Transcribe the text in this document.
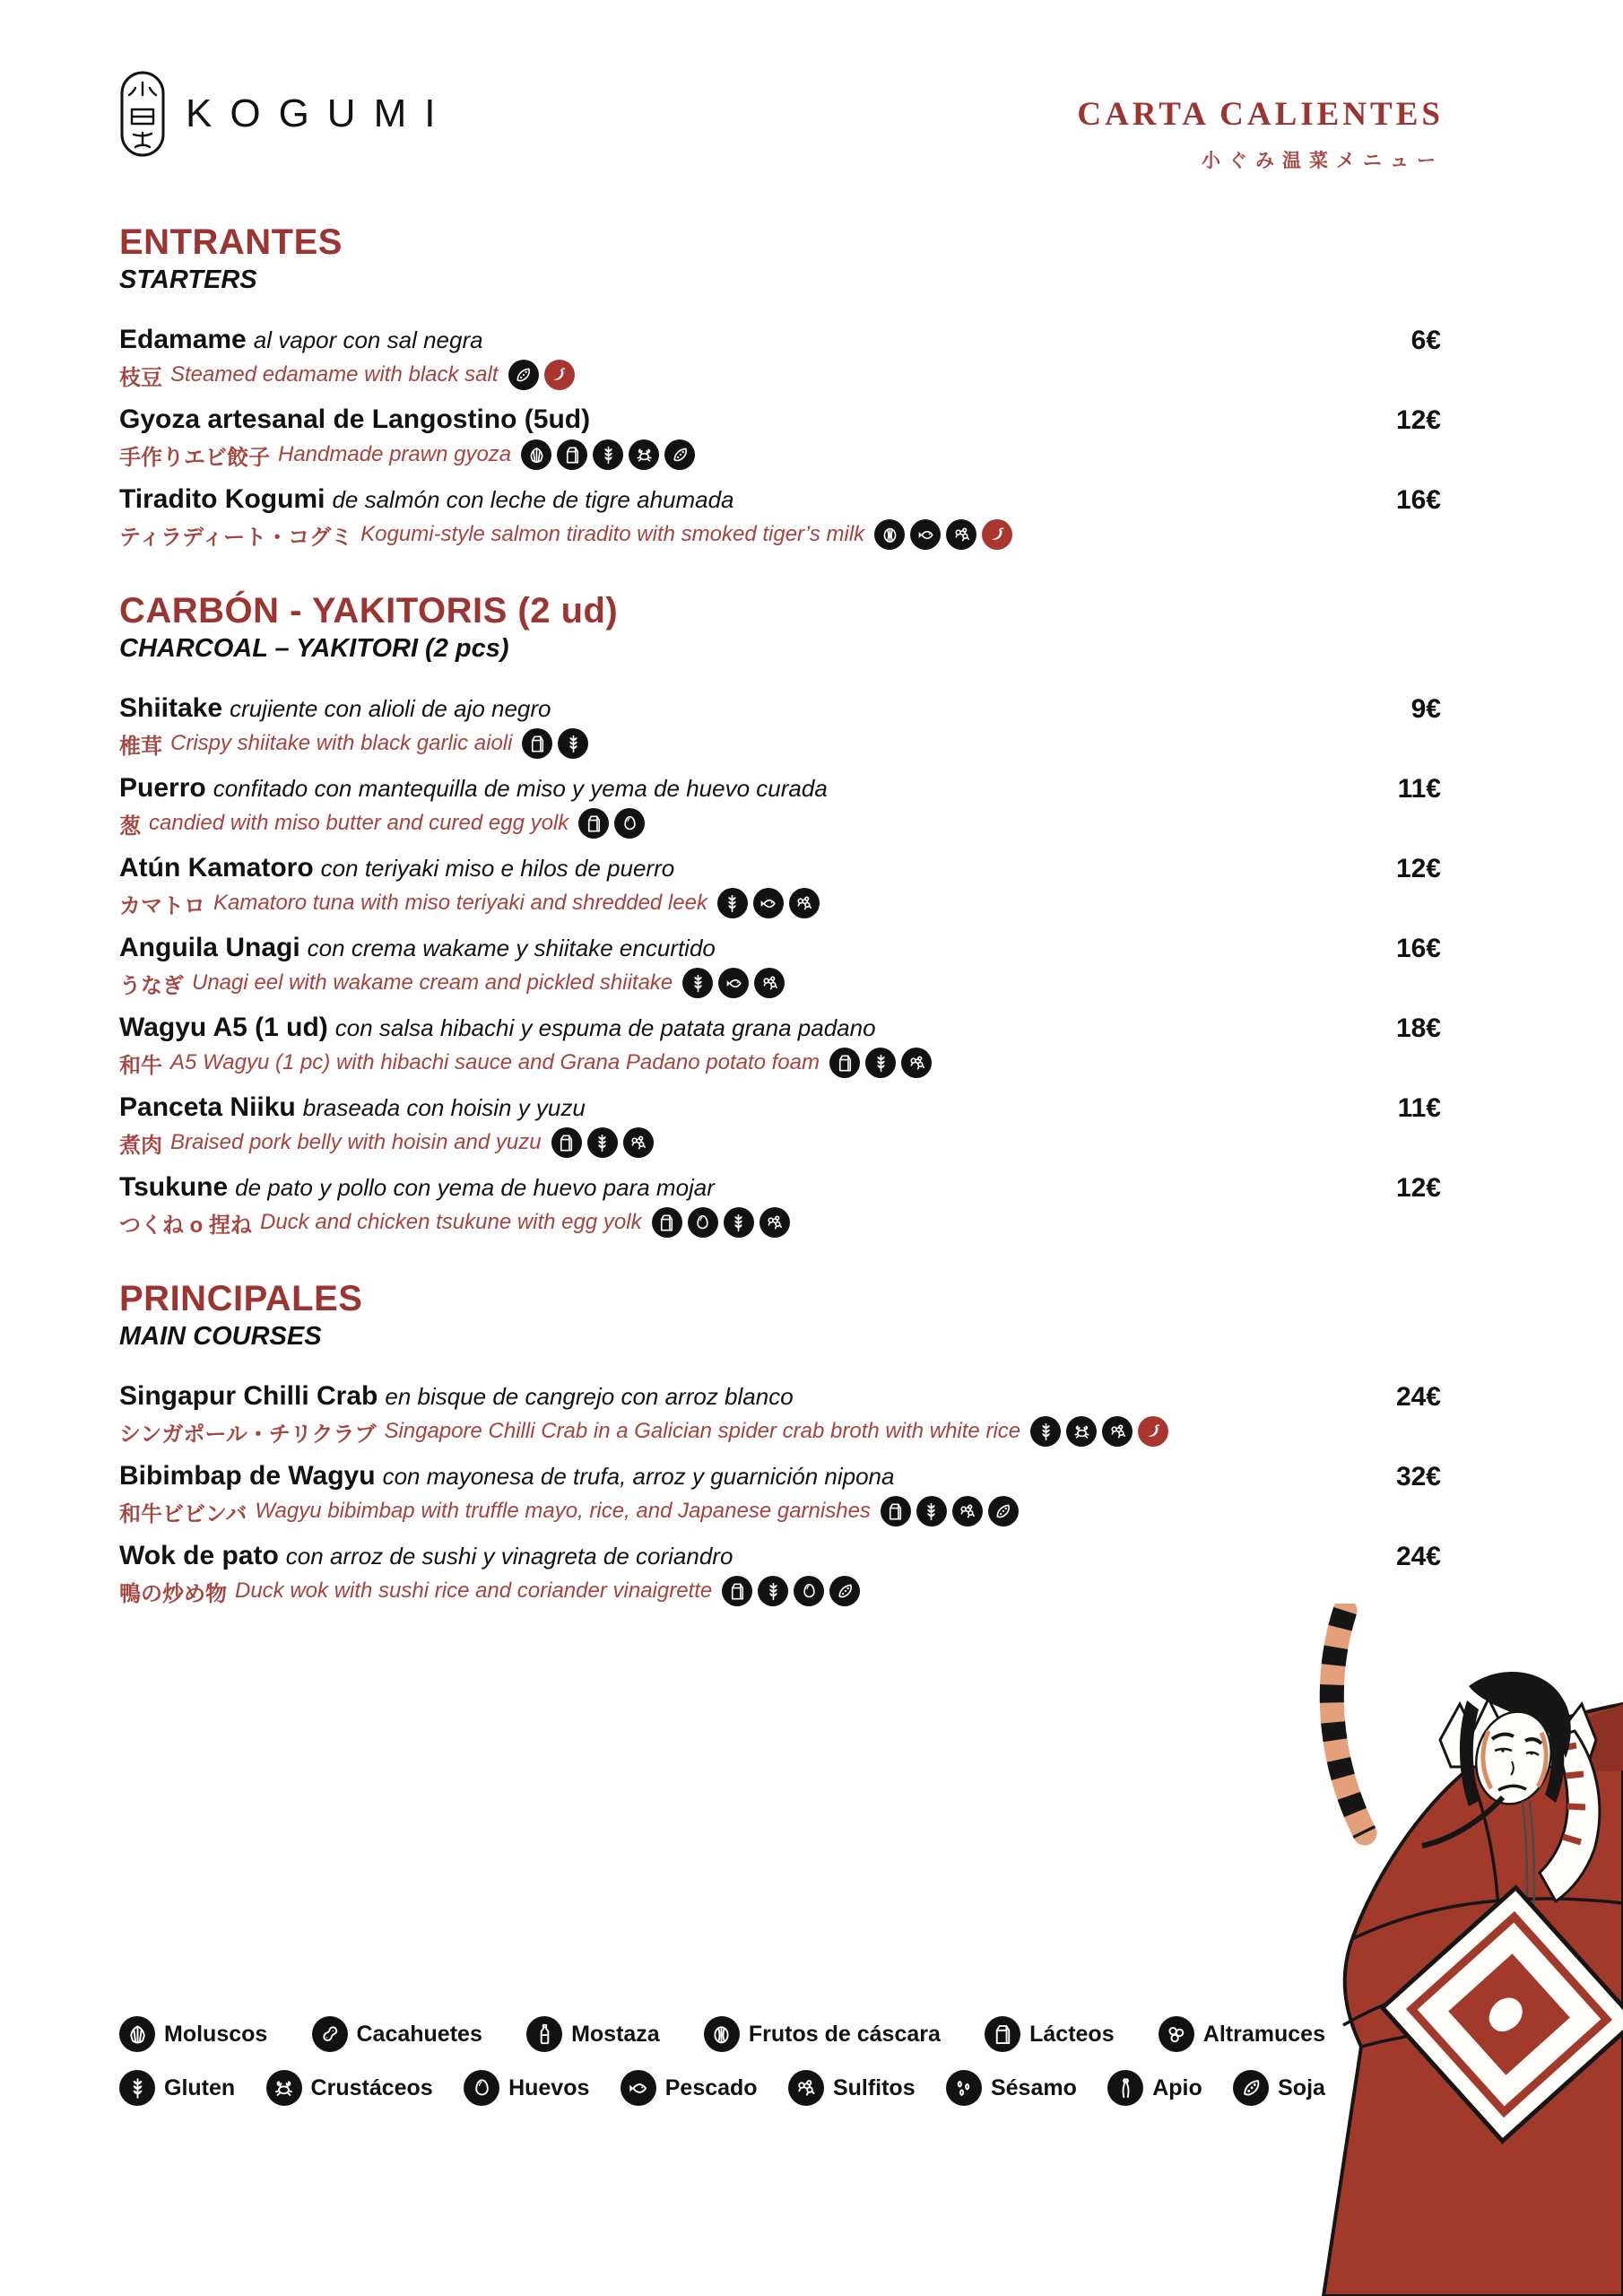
KOGUMI	CARTA CALIENTES
小ぐみ温菜メニュー
ENTRANTES
STARTERS
Edamame al vapor con sal negra
枝豆 Steamed edamame with black salt
6€
Gyoza artesanal de Langostino (5ud)
手作りエビ餃子 Handmade prawn gyoza
12€
Tiradito Kogumi de salmón con leche de tigre ahumada
ティラディート・コグミ Kogumi-style salmon tiradito with smoked tiger’s milk
16€
CARBÓN - YAKITORIS (2 ud)
CHARCOAL – YAKITORI (2 pcs)
Shiitake crujiente con alioli de ajo negro
椎茸 Crispy shiitake with black garlic aioli
9€
Puerro confitado con mantequilla de miso y yema de huevo curada
葱 candied with miso butter and cured egg yolk
11€
Atún Kamatoro con teriyaki miso e hilos de puerro
カマトロ Kamatoro tuna with miso teriyaki and shredded leek
12€
Anguila Unagi con crema wakame y shiitake encurtido
うなぎ Unagi eel with wakame cream and pickled shiitake
16€
Wagyu A5 (1 ud) con salsa hibachi y espuma de patata grana padano
和牛 A5 Wagyu (1 pc) with hibachi sauce and Grana Padano potato foam
18€
Panceta Niiku braseada con hoisin y yuzu
煮肉 Braised pork belly with hoisin and yuzu
11€
Tsukune de pato y pollo con yema de huevo para mojar
つくね o 捏ね Duck and chicken tsukune with egg yolk
12€
PRINCIPALES
MAIN COURSES
Singapur Chilli Crab en bisque de cangrejo con arroz blanco
シンガポール・チリクラブ Singapore Chilli Crab in a Galician spider crab broth with white rice
24€
Bibimbap de Wagyu con mayonesa de trufa, arroz y guarnición nipona
和牛ビビンバ Wagyu bibimbap with truffle mayo, rice, and Japanese garnishes
32€
Wok de pato con arroz de sushi y vinagreta de coriandro
鴨の炒め物 Duck wok with sushi rice and coriander vinaigrette
24€
Moluscos	Cacahuetes	Mostaza	Frutos de cáscara	Lácteos	Altramuces
Gluten	Crustáceos	Huevos	Pescado	Sulfitos	Sésamo	Apio	Soja
